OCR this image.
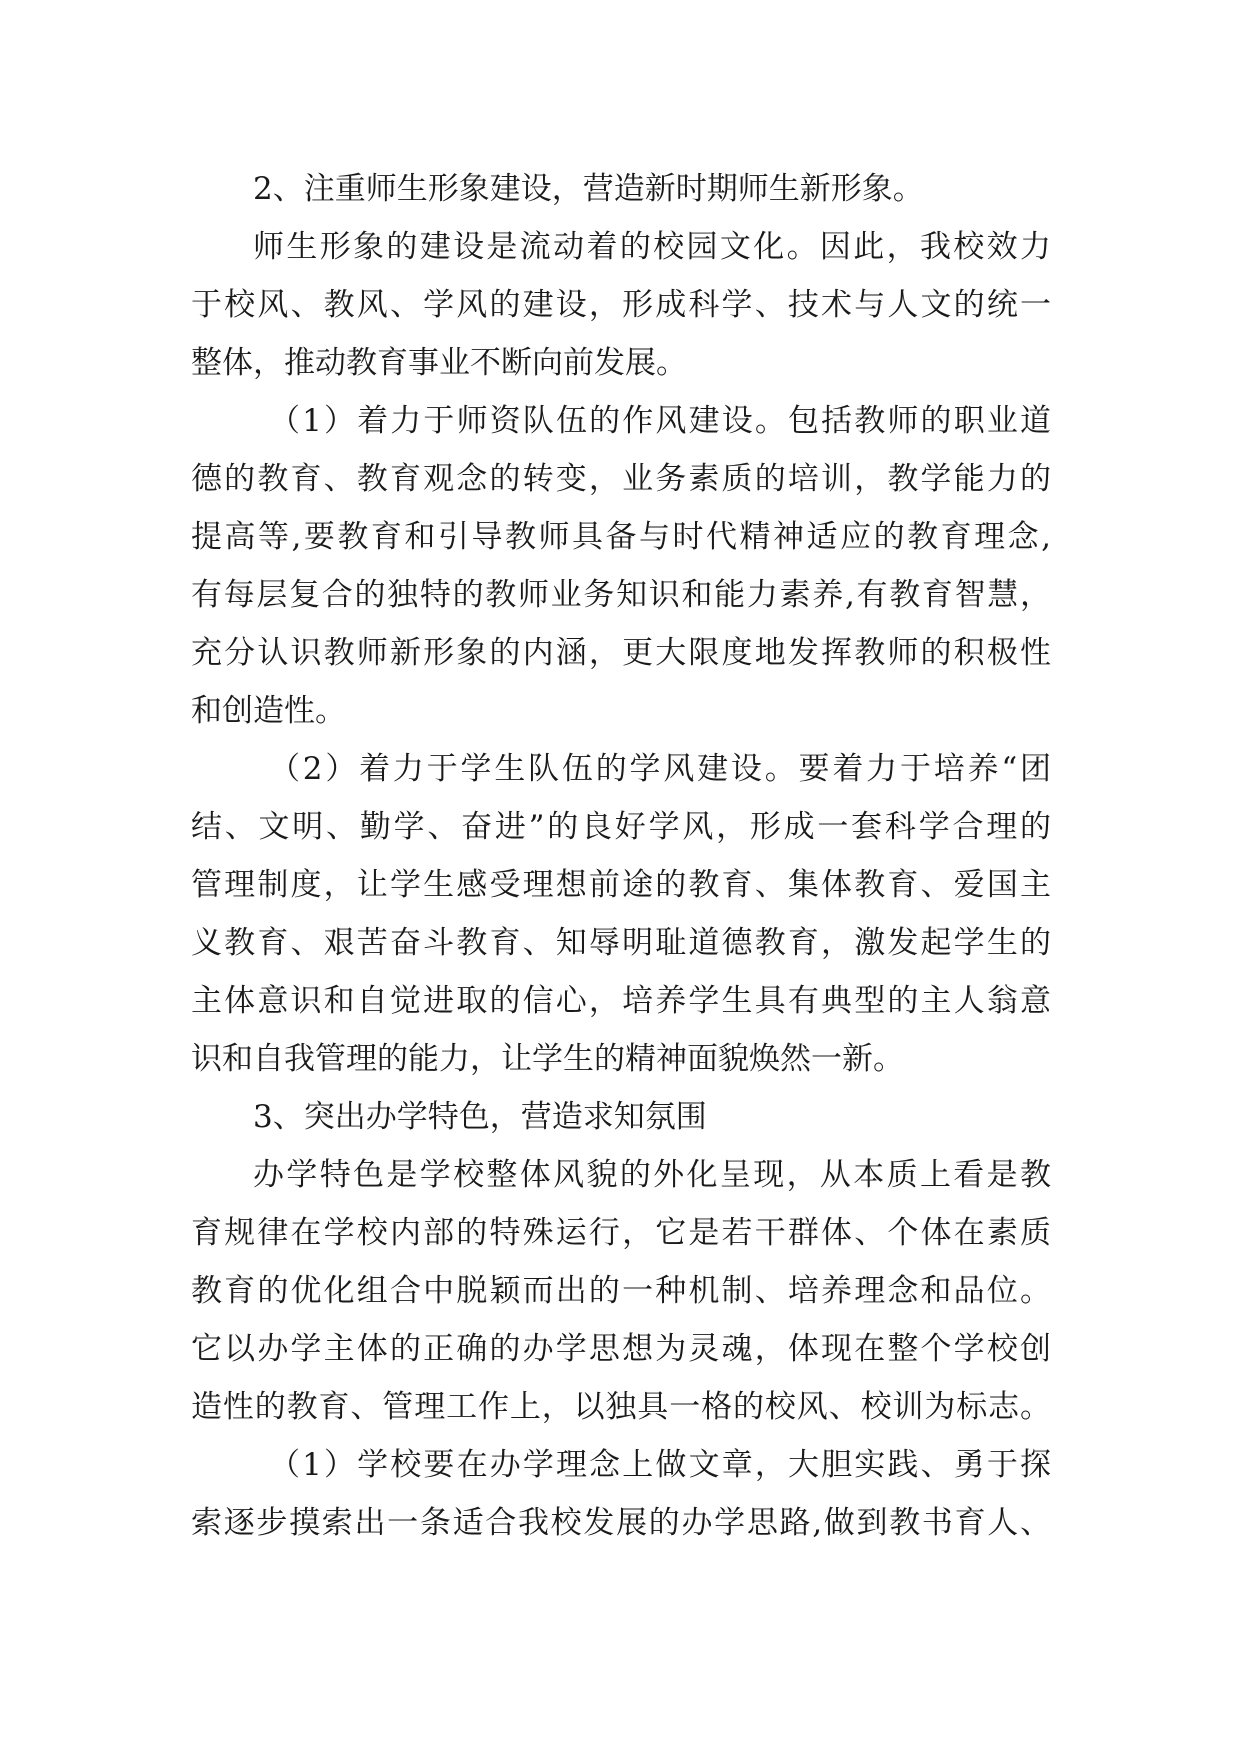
2、注重师生形象建设，营造新时期师生新形象。
师生形象的建设是流动着的校园文化。因此，我校效力
于校风、教风、学风的建设，形成科学、技术与人文的统一
整体，推动教育事业不断向前发展。
（1）着力于师资队伍的作风建设。包括教师的职业道
德的教育、教育观念的转变，业务素质的培训，教学能力的
提高等,要教育和引导教师具备与时代精神适应的教育理念,
有每层复合的独特的教师业务知识和能力素养,有教育智慧，
充分认识教师新形象的内涵，更大限度地发挥教师的积极性
和创造性。
（2）着力于学生队伍的学风建设。要着力于培养“团
结、文明、勤学、奋进”的良好学风，形成一套科学合理的
管理制度，让学生感受理想前途的教育、集体教育、爱国主
义教育、艰苦奋斗教育、知辱明耻道德教育，激发起学生的
主体意识和自觉进取的信心，培养学生具有典型的主人翁意
识和自我管理的能力，让学生的精神面貌焕然一新。
3、突出办学特色，营造求知氛围
办学特色是学校整体风貌的外化呈现，从本质上看是教
育规律在学校内部的特殊运行，它是若干群体、个体在素质
教育的优化组合中脱颖而出的一种机制、培养理念和品位。
它以办学主体的正确的办学思想为灵魂，体现在整个学校创
造性的教育、管理工作上，以独具一格的校风、校训为标志。
（1）学校要在办学理念上做文章，大胆实践、勇于探
索逐步摸索出一条适合我校发展的办学思路,做到教书育人、
